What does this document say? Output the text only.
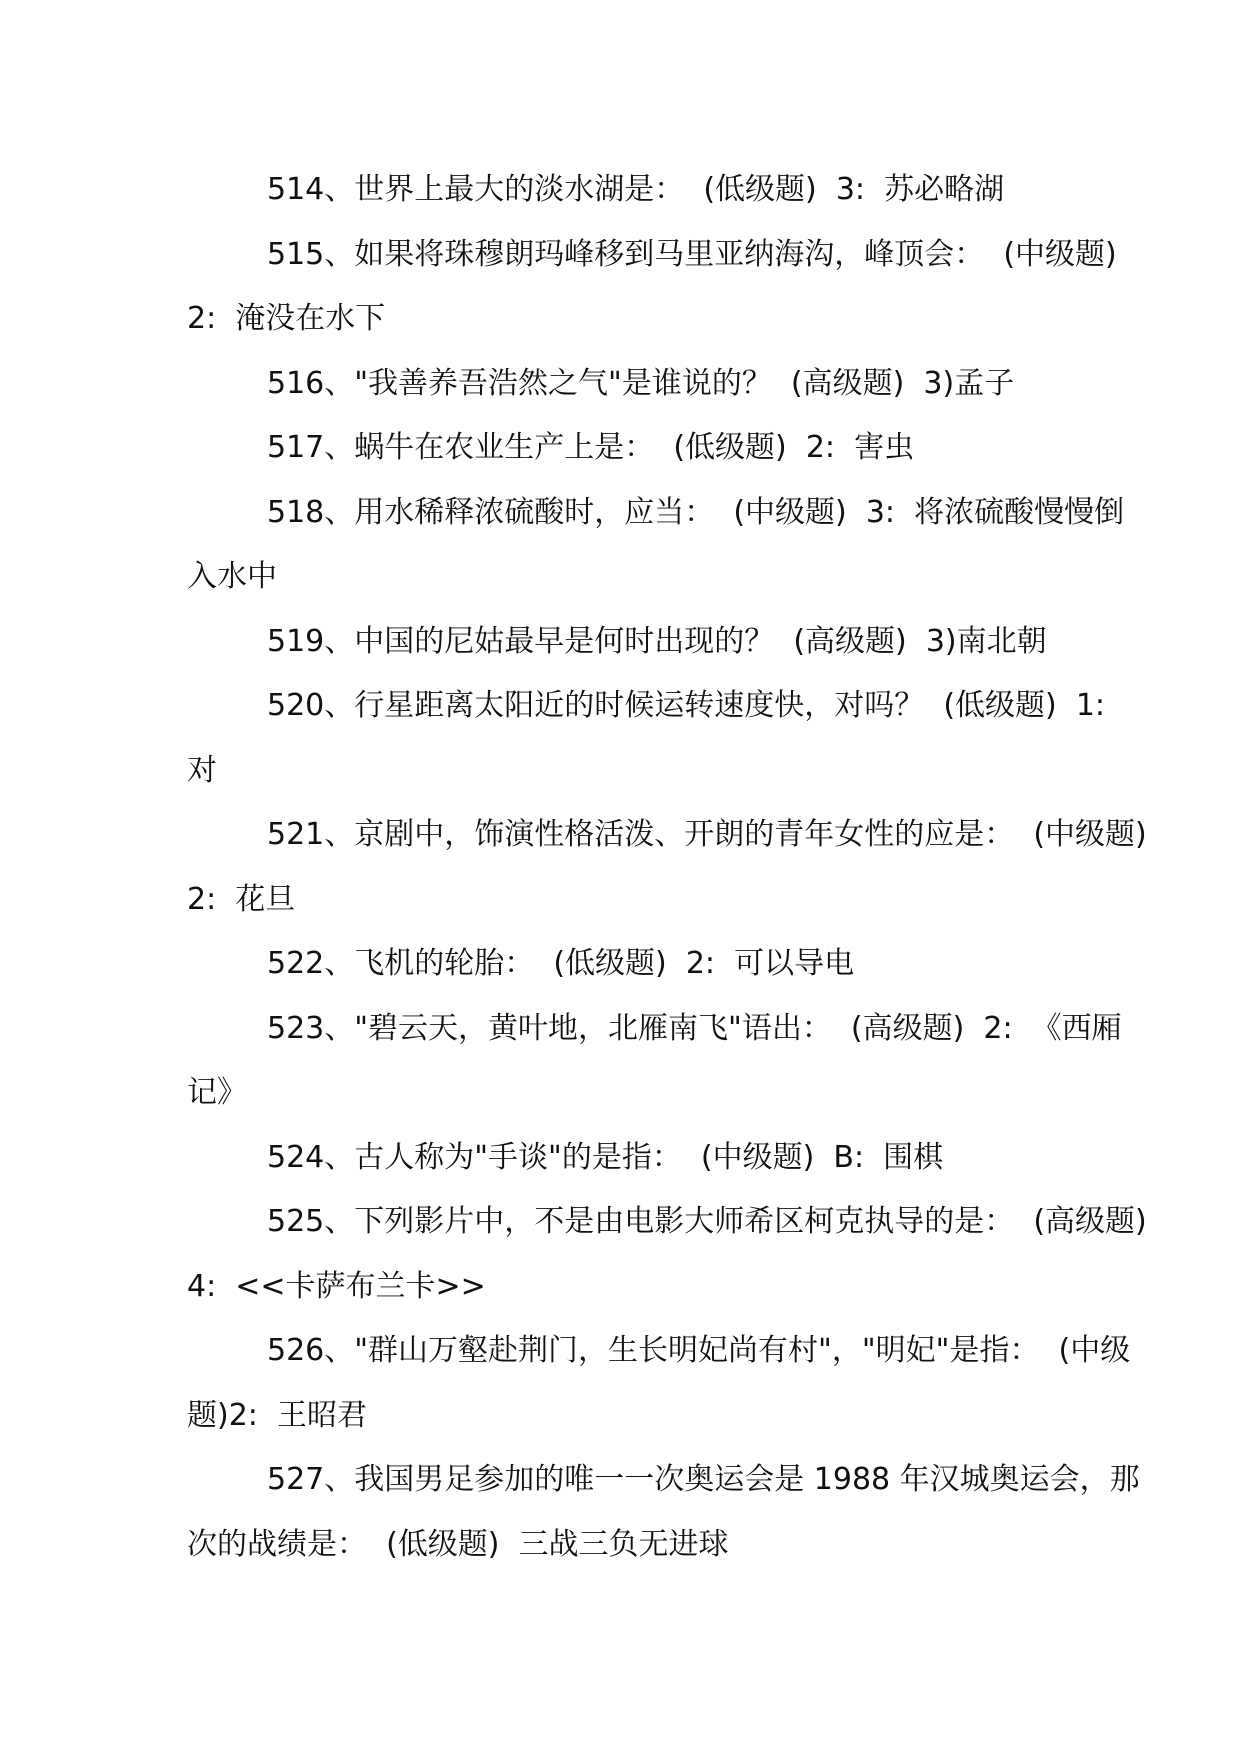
514、世界上最大的淡水湖是：  (低级题)  3:  苏必略湖

515、如果将珠穆朗玛峰移到马里亚纳海沟，峰顶会：  (中级题)  2:  淹没在水下

516、"我善养吾浩然之气"是谁说的？  (高级题)  3)孟子

517、蜗牛在农业生产上是：  (低级题)  2:  害虫

518、用水稀释浓硫酸时，应当：  (中级题)  3:  将浓硫酸慢慢倒入水中

519、中国的尼姑最早是何时出现的？  (高级题)  3)南北朝

520、行星距离太阳近的时候运转速度快，对吗？  (低级题)  1:  对

521、京剧中，饰演性格活泼、开朗的青年女性的应是：  (中级题)2:  花旦

522、飞机的轮胎：  (低级题)  2:  可以导电

523、"碧云天，黄叶地，北雁南飞"语出：  (高级题)  2:  《西厢记》

524、古人称为"手谈"的是指：  (中级题)  B:  围棋

525、下列影片中，不是由电影大师希区柯克执导的是：  (高级题)  4:  <<卡萨布兰卡>>

526、"群山万壑赴荆门，生长明妃尚有村"，"明妃"是指：  (中级题)2:  王昭君

527、我国男足参加的唯一一次奥运会是 1988 年汉城奥运会，那次的战绩是：  (低级题)  三战三负无进球
